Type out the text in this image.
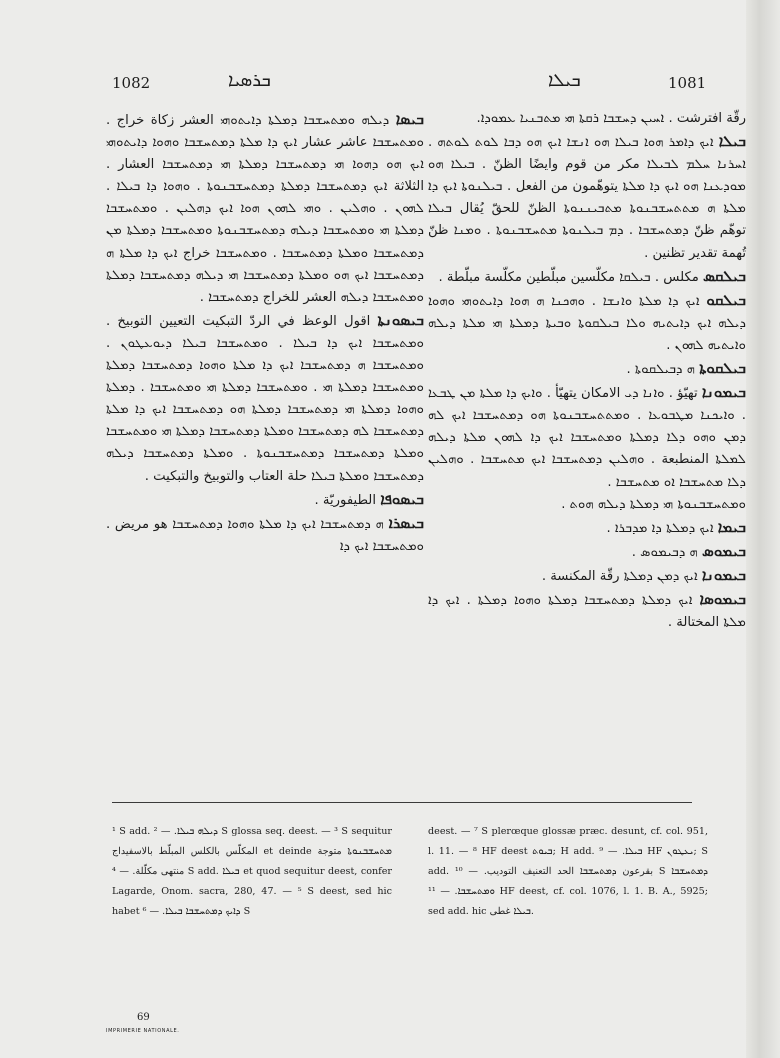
1082	ܒܪܣܝܐ	ܒܝܠܐ	1081

رقّة افترشت . ܐܚܝܢ ܕܚܫܒܐ ܪܩܬܐ ܗܝ ܡܬܒܢܝܐ ܥܡܘܕܐ.

ܒܝܠܐ ܐܝܟ ܕܐܡܪ ܗܘܐ ܒܝܠܐ ܗܘ ܐܢܫܐ ܐܝܟ ܗܘ ܕܒܐ ܠܘܬ ܠܘܬܗ . ܐܚܪܢܐ ܚܠܡ ܠܒܝܠܐ مكر من قوم وايضًا الظنّ . ܒܝܠܐ ܗܘ ܡܘܕܥܢܐ ܗܘ ܐܝܟ ܕܐ ܡܠܬܐ يتوهّمون من الفعل . ܒܝܠܢܘܬܐ ܐܝܟ ܕܐ ܡܠܬܐ ܗ ܡܬܬܚܫܒܢܘܬܐ ܡܬܒܝܢܢܘܬܐ الظنّ للحقّ يُقال ܒܝܠܐ توهّم ظنّ ܕܡܬܚܫܒܐ . ܕܡ ܒܝܠܢܘܬܐ ܡܬܚܫܒܢܘܬܐ . ܘܡܢܐ ظنّ تُهمة تقدير تظنين .

ܒܝܠܩܣ مكلس . ܒܝܠܩܐ مكلّسين مبلّطين مكلّسة مبلّطة .

ܒܝܠܩܘ ܐܝܟ ܕܐ ܡܠܬܐ ܘܐܢܫܐ . ܘܗܟܢܐ ܗ ܗܘܐ ܕܐܝܬܘܗܝ ܘܗܘܐ ܕܝܠܗ ܐܝܟ ܕܐܝܬܝܗ ܘܠܐ ܒܝܠܩܘܬܐ ܘܒܝܬܐ ܕܡܠܬܐ ܗܝ ܡܠܬܐ ܕܝܠܗ ܘܐܝܬܝܗ ܠܗܘܢ .

ܒܝܠܩܘܬܐ ܗ ܕܒܝܠܩܘܬܐ .

ܒܝܡܘܢܐ تهيّؤ . ܘܐܢܐ ܕܝ الامكان يتهيّأ . ܘܐܝܟ ܕܐ ܡܠܬܐ ܡܢ ܛܒܥܐ . ܘܐܝܟܢܐ ܡܛܒܘܥܐ . ܘܡܬܬܚܫܒܢܘܬܐ ܗܘ ܕܡܬܚܫܒܐ ܐܝܟ ܠܗ ܕܡܢ ܘܗܘ ܕܠܐ ܕܡܠܬܐ ܘܡܬܚܫܒܐ ܐܝܟ ܕܐ ܠܗܘܢ ܡܠܬܐ ܕܝܠܗ ܠܡܠܬܐ المنطبعة . ܘܗܠܝܢ ܕܡܬܚܫܒܐ ܐܝܟ ܡܬܚܫܒܐ . ܘܗܠܝܢ ܕܠܐ ܡܬܚܫܒܐ ܐܘ ܡܬܚܫܒܐ .

ܘܡܬܚܫܒܢܘܬܐ ܗܝ ܕܡܠܬܐ ܕܝܠܗ ܗܘܬ .

ܒܝܡܐ ܐܝܟ ܕܡܠܬܐ ܕܐ ܡܕܒܪܐ .

ܒܝܡܘܣ ܗ ܕܒܝܡܘܣ .

ܒܝܡܘܢܐ ܐܝܟ ܕܡܢ ܕܡܠܬܐ رقّة المكنسة .

ܒܝܡܘܣܐ ܐܝܟ ܕܡܠܬܐ ܕܡܬܚܫܒܐ ܕܡܠܬܐ ܘܗܘܐ ܕܡܠܬܐ . ܐܝܟ ܕܐ ܡܠܬܐ المختالة .

ܒܝܣܐ ܕܝܠܗ ܘܡܬܚܫܒܐ ܕܡܠܬܐ ܕܐܝܬܘܗܝ العشر زكاة خراج . ܘܡܬܚܫܒܐ عاشر عشار ܐܝܟ ܕܐ ܡܠܬܐ ܕܡܬܚܫܒܐ ܘܗܘܐ ܕܐܝܬܘܗܝ ܐܝܟ ܗܘ ܕܗܘܐ ܗܝ ܕܡܬܚܫܒܐ ܕܡܠܬܐ ܗܝ ܕܡܬܚܫܒܐ العشار . الثلاثة ܐܝܟ ܕܡܬܚܫܒܐ ܕܡܠܬܐ ܕܡܬܚܫܒܢܘܬܐ . ܘܗܘܐ ܕܐ ܒܝܠܐ . ܠܗܘܢ . ܘܗܠܝܢ . ܘܗܝ ܠܗܘܢ ܗܘܐ ܐܝܟ ܕܗܠܝܢ . ܘܡܬܚܫܒܐ ܕܡܠܬܐ ܗܝ ܘܡܬܚܫܒܐ ܕܝܠܗ ܕܡܬܚܫܒܢܘܬܐ ܘܡܬܚܫܒܐ ܕܡܠܬܐ ܡܢ ܕܡܬܚܫܒܐ ܘܡܠܬܐ ܕܡܬܚܫܒܐ . ܘܡܬܚܫܒܐ خراج ܐܝܟ ܕܐ ܡܠܬܐ ܗ ܕܡܬܚܫܒܐ ܐܝܟ ܗܘ ܘܡܠܬܐ ܕܡܬܚܫܒܐ ܗܝ ܕܝܠܗ ܕܡܬܚܫܒܐ ܕܡܠܬܐ ܘܡܬܚܫܒܐ ܕܝܠܗ العشر للخراج ܕܡܬܚܫܒܐ .

ܒܝܣܘܢܬܐ اقول الوعظ في الردّ التبكيت التعيين التوبيخ . ܘܡܬܚܫܒܐ ܐܝܟ ܕܐ ܒܝܠܐ . ܘܡܬܚܫܒܐ ܒܝܠܐ ܕܝܘܥܛܘܢ . ܘܡܬܚܫܒܐ ܗ ܕܡܬܚܫܒܐ ܐܝܟ ܕܐ ܡܠܬܐ ܘܗܘܐ ܕܡܬܚܫܒܐ ܕܡܠܬܐ ܘܡܬܚܫܒܐ ܕܡܠܬܐ ܗܝ . ܘܡܬܚܫܒܐ ܕܡܠܬܐ ܗܝ ܘܡܬܚܫܒܐ . ܕܡܠܬܐ ܘܗܘܐ ܕܡܠܬܐ ܗܝ ܕܡܬܚܫܒܐ ܕܡܠܬܐ ܗܘ ܕܡܬܚܫܒܐ ܐܝܟ ܕܐ ܡܠܬܐ ܕܡܬܚܫܒܐ ܠܗ ܕܡܬܚܫܒܐ ܘܡܠܬܐ ܕܡܬܚܫܒܐ ܕܡܠܬܐ ܗܝ ܘܡܬܚܫܒܐ ܘܡܠܬܐ ܕܡܬܚܫܒܐ ܕܡܬܚܫܒܢܘܬܐ . ܘܡܠܬܐ ܕܡܬܚܫܒܐ ܕܝܠܗ ܕܡܬܚܫܒܐ ܘܡܠܬܐ ܒܝܠܐ حلة العتاب والتوبيخ والتبكيت .

ܒܝܣܘܦܐ الطيفوريّة .

ܒܝܣܪܐ ܗ ܕܡܬܚܫܒܐ ܐܝܟ ܕܐ ܡܠܬܐ ܘܗܘܐ ܕܡܬܚܫܒܐ هو مريض . ܘܡܬܚܫܒܐ ܐܝܟ ܕܐ

¹ S add. ܕܝܠܗ ܒܝܠܐ. — ² S glossa seq. deest. — ³ S sequitur المكلّس بالكلس المبلّط بالاسفيداج et deinde ܡܬܚܫܒܢܘܬܐ متوجة منتهى مكلّلة. — ⁴ S add. ܒܝܠܐ et quod sequitur deest, confer Lagarde, Onom. sacra, 280, 47. — ⁵ S deest, sed hic habet ܕܐܝܟ ܕܡܬܚܫܒܐ ܒܝܠܐ. — ⁶ S
deest. — ⁷ S plerœque glossæ præc. desunt, cf. col. 951, l. 11. — ⁸ HF deest ܒܝܘܬ; H add. ܒܝܠܐ. — ⁹ HF ܝܥܛܘܢ; S add. بقرعون ܕܡܬܚܫܒܐ الحد التعنيف التوديب. — ¹⁰ S ܕܡܬܚܫܒܐ ܘܡܬܚܫܒܐ. — ¹¹ HF deest, cf. col. 1076, l. 1. B. A., 5925; sed add. hic ܒܝܠܐ غطى.
69
IMPRIMERIE NATIONALE.
